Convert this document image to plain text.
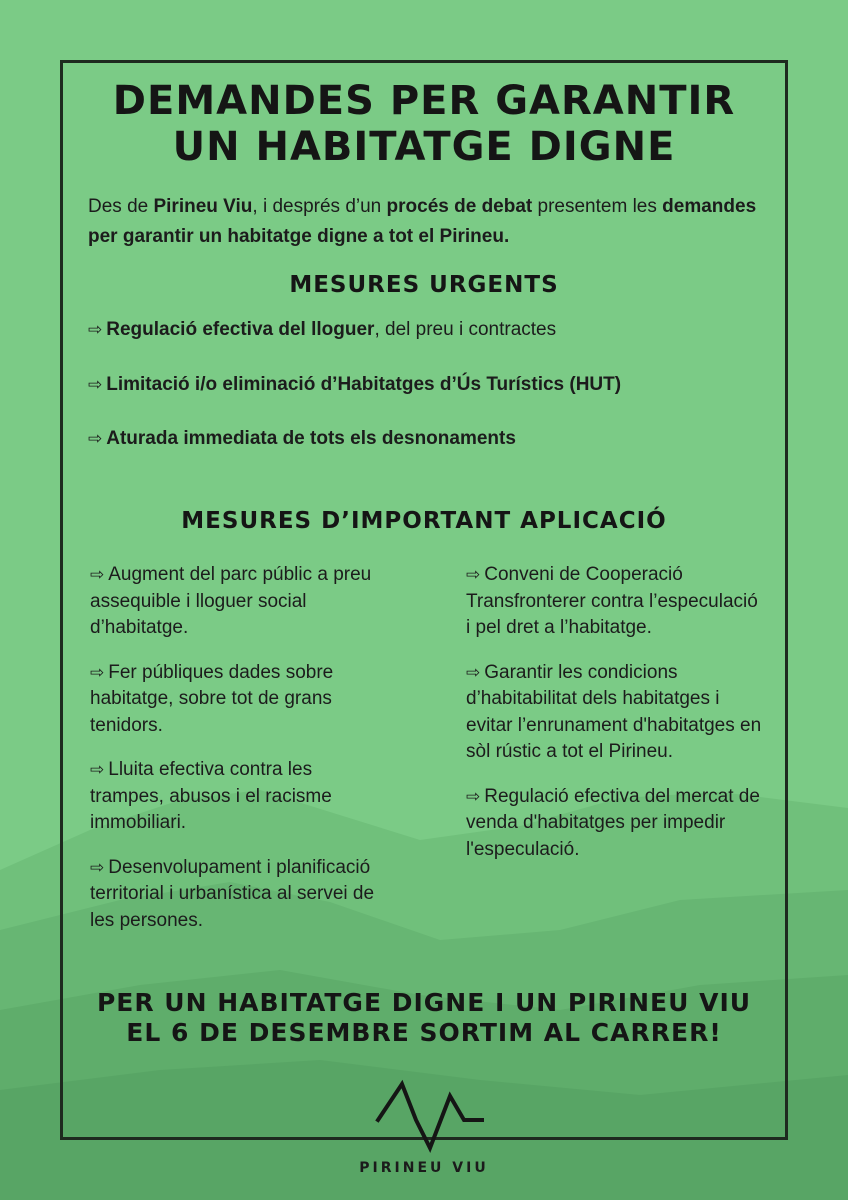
DEMANDES PER GARANTIR
UN HABITATGE DIGNE
Des de Pirineu Viu, i després d’un procés de debat presentem les demandes per garantir un habitatge digne a tot el Pirineu.
MESURES URGENTS
⇨ Regulació efectiva del lloguer, del preu i contractes
⇨ Limitació i/o eliminació d’Habitatges d’Ús Turístics (HUT)
⇨ Aturada immediata de tots els desnonaments
MESURES D’IMPORTANT APLICACIÓ
⇨ Augment del parc públic a preu assequible i lloguer social d’habitatge.
⇨ Fer públiques dades sobre habitatge, sobre tot de grans tenidors.
⇨ Lluita efectiva contra les trampes, abusos i el racisme immobiliari.
⇨ Desenvolupament i planificació territorial i urbanística al servei de les persones.
⇨ Conveni de Cooperació Transfronterer contra l’especulació i pel dret a l’habitatge.
⇨ Garantir les condicions d’habitabilitat dels habitatges i evitar l’enrunament d'habitatges en sòl rústic a tot el Pirineu.
⇨ Regulació efectiva del mercat de venda d'habitatges per impedir l'especulació.
PER UN HABITATGE DIGNE I UN PIRINEU VIU
EL 6 DE DESEMBRE SORTIM AL CARRER!
PIRINEU VIU
